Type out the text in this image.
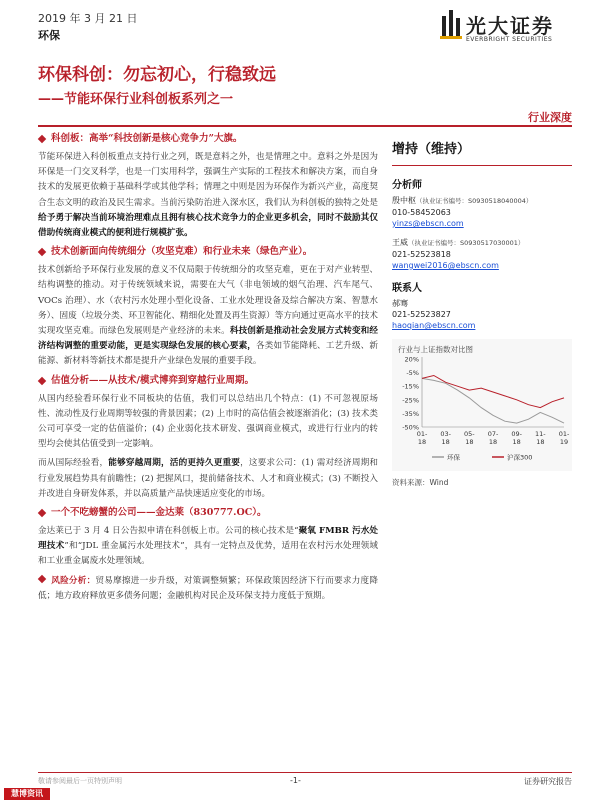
2019 年 3 月 21 日
环保	光大证券
EVERBRIGHT SECURITIES
环保科创：勿忘初心，行稳致远
——节能环保行业科创板系列之一
行业深度
科创板：高举“科技创新是核心竞争力”大旗。

节能环保进入科创板重点支持行业之列，既是意料之外，也是情理之中。意料之外是因为环保是一门交叉科学，也是一门实用科学，强调生产实际的工程技术和解决方案，而自身技术的发展更依赖于基础科学或其他学科；情理之中则是因为环保作为新兴产业，高度契合生态文明的政治及民生需求。当前污染防治进入深水区，我们认为科创板的独特之处是给予勇于解决当前环境治理难点且拥有核心技术竞争力的企业更多机会，同时不鼓励其仅借助传统商业模式的便利进行规模扩张。

技术创新面向传统细分（攻坚克难）和行业未来（绿色产业）。

技术创新给予环保行业发展的意义不仅局限于传统细分的攻坚克难，更在于对产业转型、结构调整的推动。对于传统领域来说，需要在大气（非电领域的烟气治理、汽车尾气、VOCs 治理）、水（农村污水处理小型化设备、工业水处理设备及综合解决方案、智慧水务）、固废（垃圾分类、环卫智能化、精细化处置及再生资源）等方向通过更高水平的技术实现攻坚克难。而绿色发展则是产业经济的未来。科技创新是推动社会发展方式转变和经济结构调整的重要动能，更是实现绿色发展的核心要素，各类如节能降耗、工艺升级、新能源、新材料等新技术都是提升产业绿色发展的重要手段。

估值分析——从技术/模式博弈到穿越行业周期。

从国内经验看环保行业不同板块的估值，我们可以总结出几个特点：(1) 不可忽视原场性、流动性及行业周期等较强的背景因素；(2) 上市时的高估值会被逐渐消化；(3) 技术类公司可享受一定的估值溢价；(4) 企业弱化技术研发、强调商业模式，或进行行业内的转型均会使其估值受到一定影响。

而从国际经验看，能够穿越周期，活的更持久更重要，这要求公司：(1) 需对经济周期和行业发展趋势具有前瞻性；(2) 把握风口，提前储备技术、人才和商业模式；(3) 不断投入并改进自身研发体系，并以高质量产品快速适应变化的市场。

一个不吃螃蟹的公司——金达莱（830777.OC）。

金达莱已于 3 月 4 日公告拟申请在科创板上市。公司的核心技术是“聚氧 FMBR 污水处理技术”和“JDL 重金属污水处理技术”，具有一定特点及优势，适用在农村污水处理领域和工业重金属废水处理领域。

风险分析：贸易摩擦进一步升级，对策调整频繁；环保政策因经济下行而要求力度降低；地方政府释放更多债务问题；金融机构对民企及环保支持力度低于预期。

增持（维持）
分析师
殷中枢（执业证书编号：S0930518040004）
010-58452063
yinzs@ebscn.com
王威（执业证书编号：S0930517030001）
021-52523818
wangwei2016@ebscn.com
联系人
郝骞
021-52523827
haoqian@ebscn.com
行业与上证指数对比图
20%
-5%
-15%
-25%
-35%
-50%
01-18
03-18
05-18
07-18
09-18
11-18
01-19
环保	沪深300
资料来源：Wind
敬请参阅最后一页特别声明	-1-	证券研究报告
慧博资讯
